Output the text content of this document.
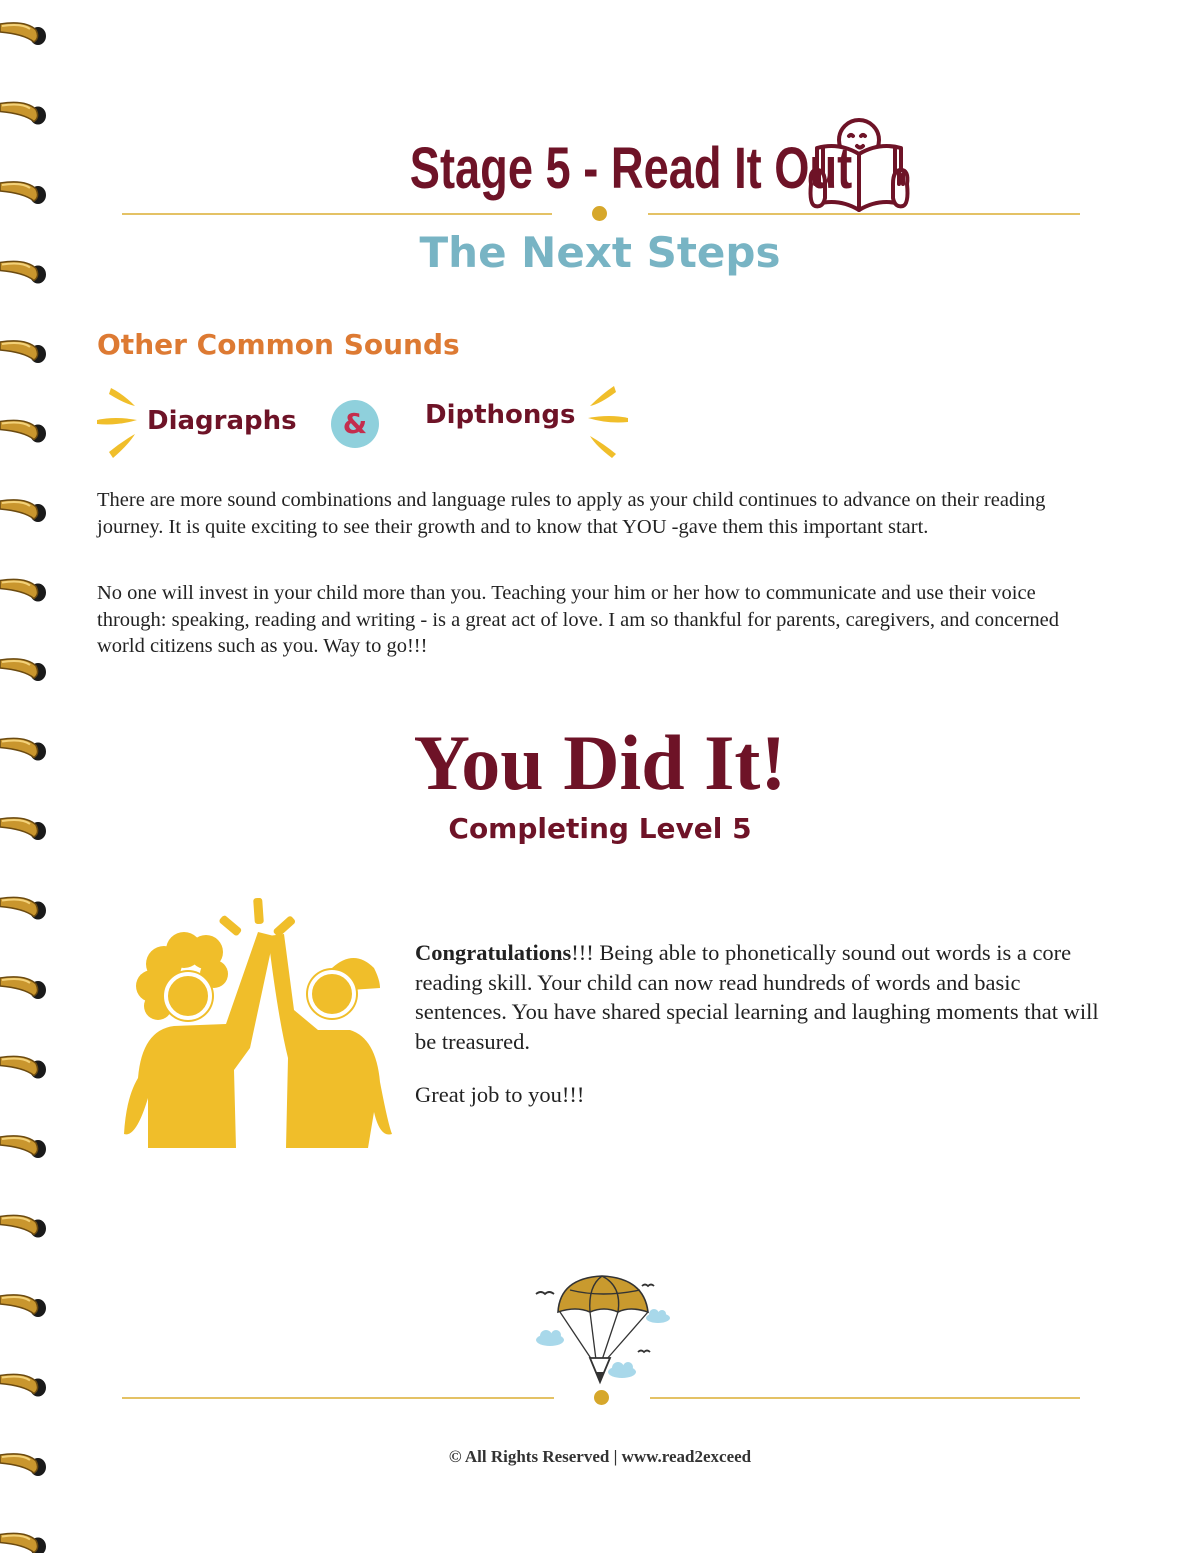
Stage 5 - Read It Out
The Next Steps
Other Common Sounds
Diagraphs	&	Dipthongs

There are more sound combinations and language rules to apply as your child continues to advance on their reading journey. It is quite exciting to see their growth and to know that YOU -gave them this important start.

No one will invest in your child more than you. Teaching your him or her how to communicate and use their voice through: speaking, reading and writing - is a great act of love. I am so thankful for parents, caregivers, and concerned world citizens such as you. Way to go!!!

You Did It!
Completing Level 5

Congratulations!!! Being able to phonetically sound out words is a core reading skill. Your child can now read hundreds of words and basic sentences. You have shared special learning and laughing moments that will be treasured.

Great job to you!!!
© All Rights Reserved | www.read2exceed
